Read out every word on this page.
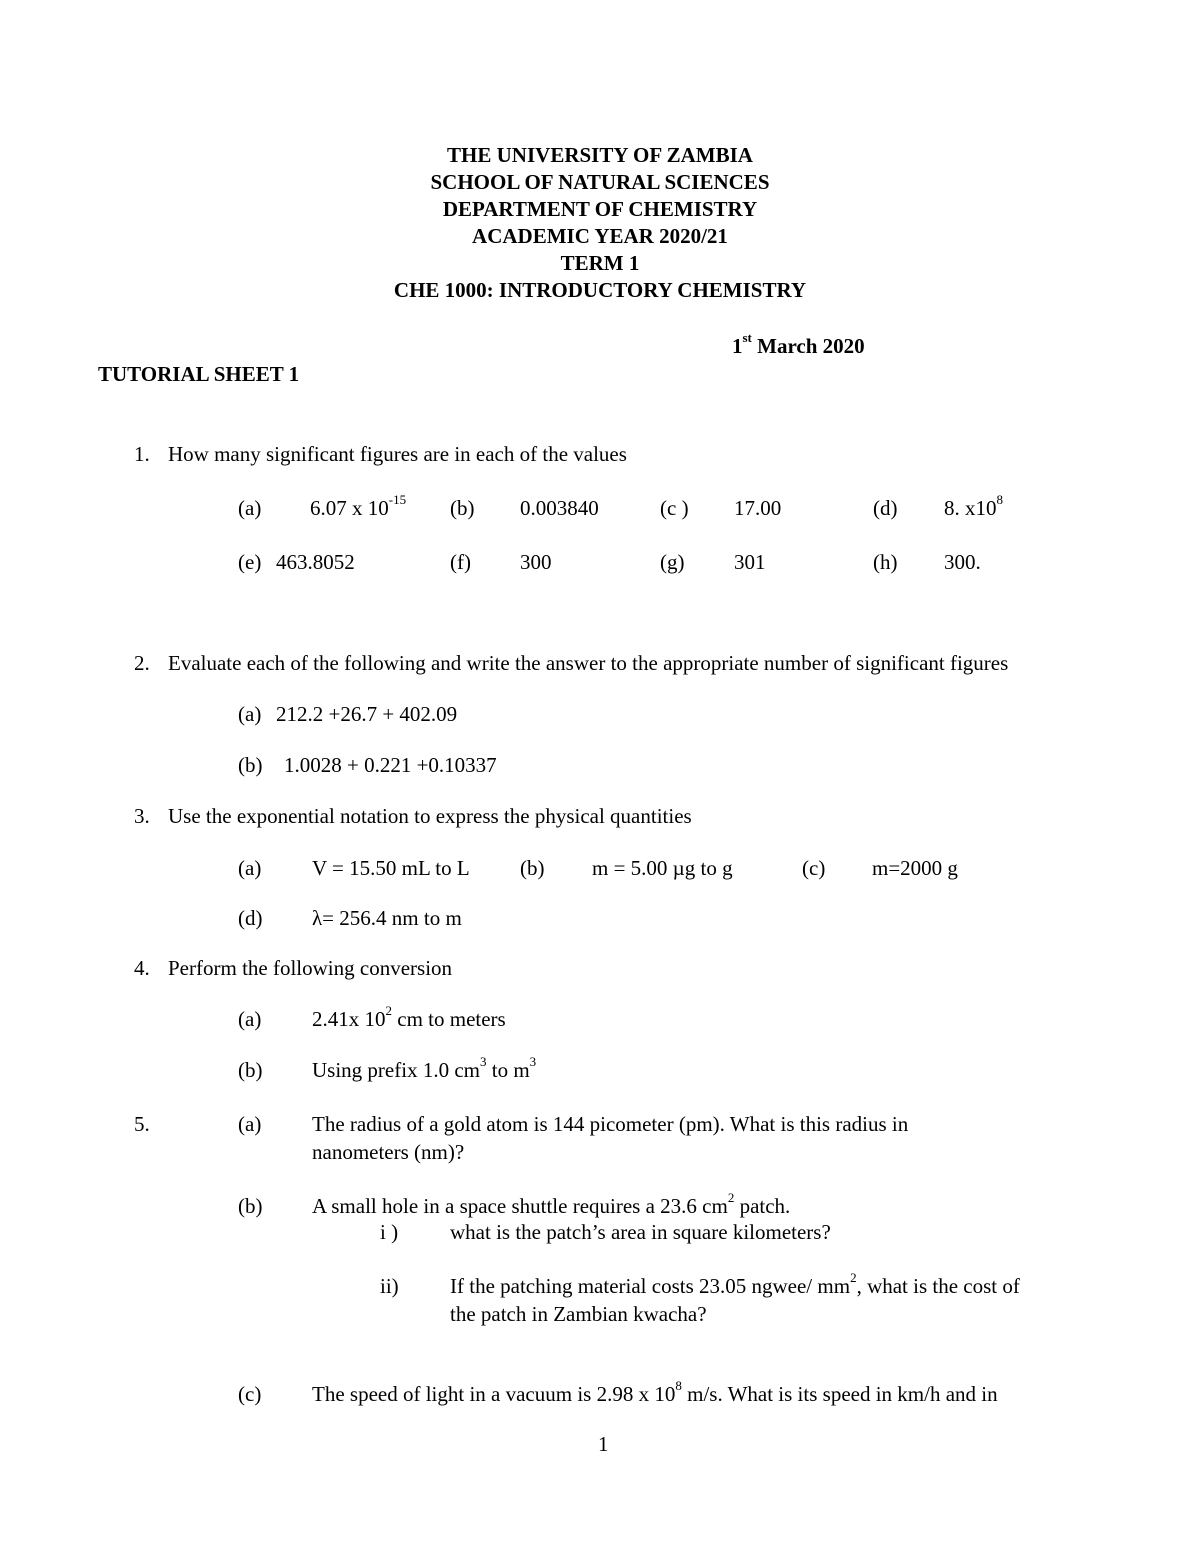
THE UNIVERSITY OF ZAMBIA
SCHOOL OF NATURAL SCIENCES
DEPARTMENT OF CHEMISTRY
ACADEMIC YEAR 2020/21
TERM 1
CHE 1000: INTRODUCTORY CHEMISTRY
1st March 2020
TUTORIAL SHEET 1
1. How many significant figures are in each of the values
(a) 6.07 x $10^{-15}$ (b) 0.003840	(c ) 17.00	(d) 8. $x10^8$
(e) 463.8052	(f) 300	(g) 301	(h) 300.
2. Evaluate each of the following and write the answer to the appropriate number of significant figures
(a) 212.2 +26.7 + 402.09
(b) 1.0028 + 0.221 +0.10337
3. Use the exponential notation to express the physical quantities
(a) V = 15.50 mL to L (b) m = 5.00 µg to g	(c) m=2000 g
(d) λ= 256.4 nm to m
4. Perform the following conversion
(a) 2.41x $10^2$ cm to meters
(b) Using prefix 1.0 $cm^3$ to $m^3$
5.	(a) The radius of a gold atom is 144 picometer (pm). What is this radius in
nanometers (nm)?
(b) A small hole in a space shuttle requires a 23.6 $cm^2$ patch.
i ) what is the patch’s area in square kilometers?
ii) If the patching material costs 23.05 ngwee/ $mm^2$, what is the cost of
the patch in Zambian kwacha?
(c) The speed of light in a vacuum is 2.98 x $10^8$ m/s. What is its speed in km/h and in
1
